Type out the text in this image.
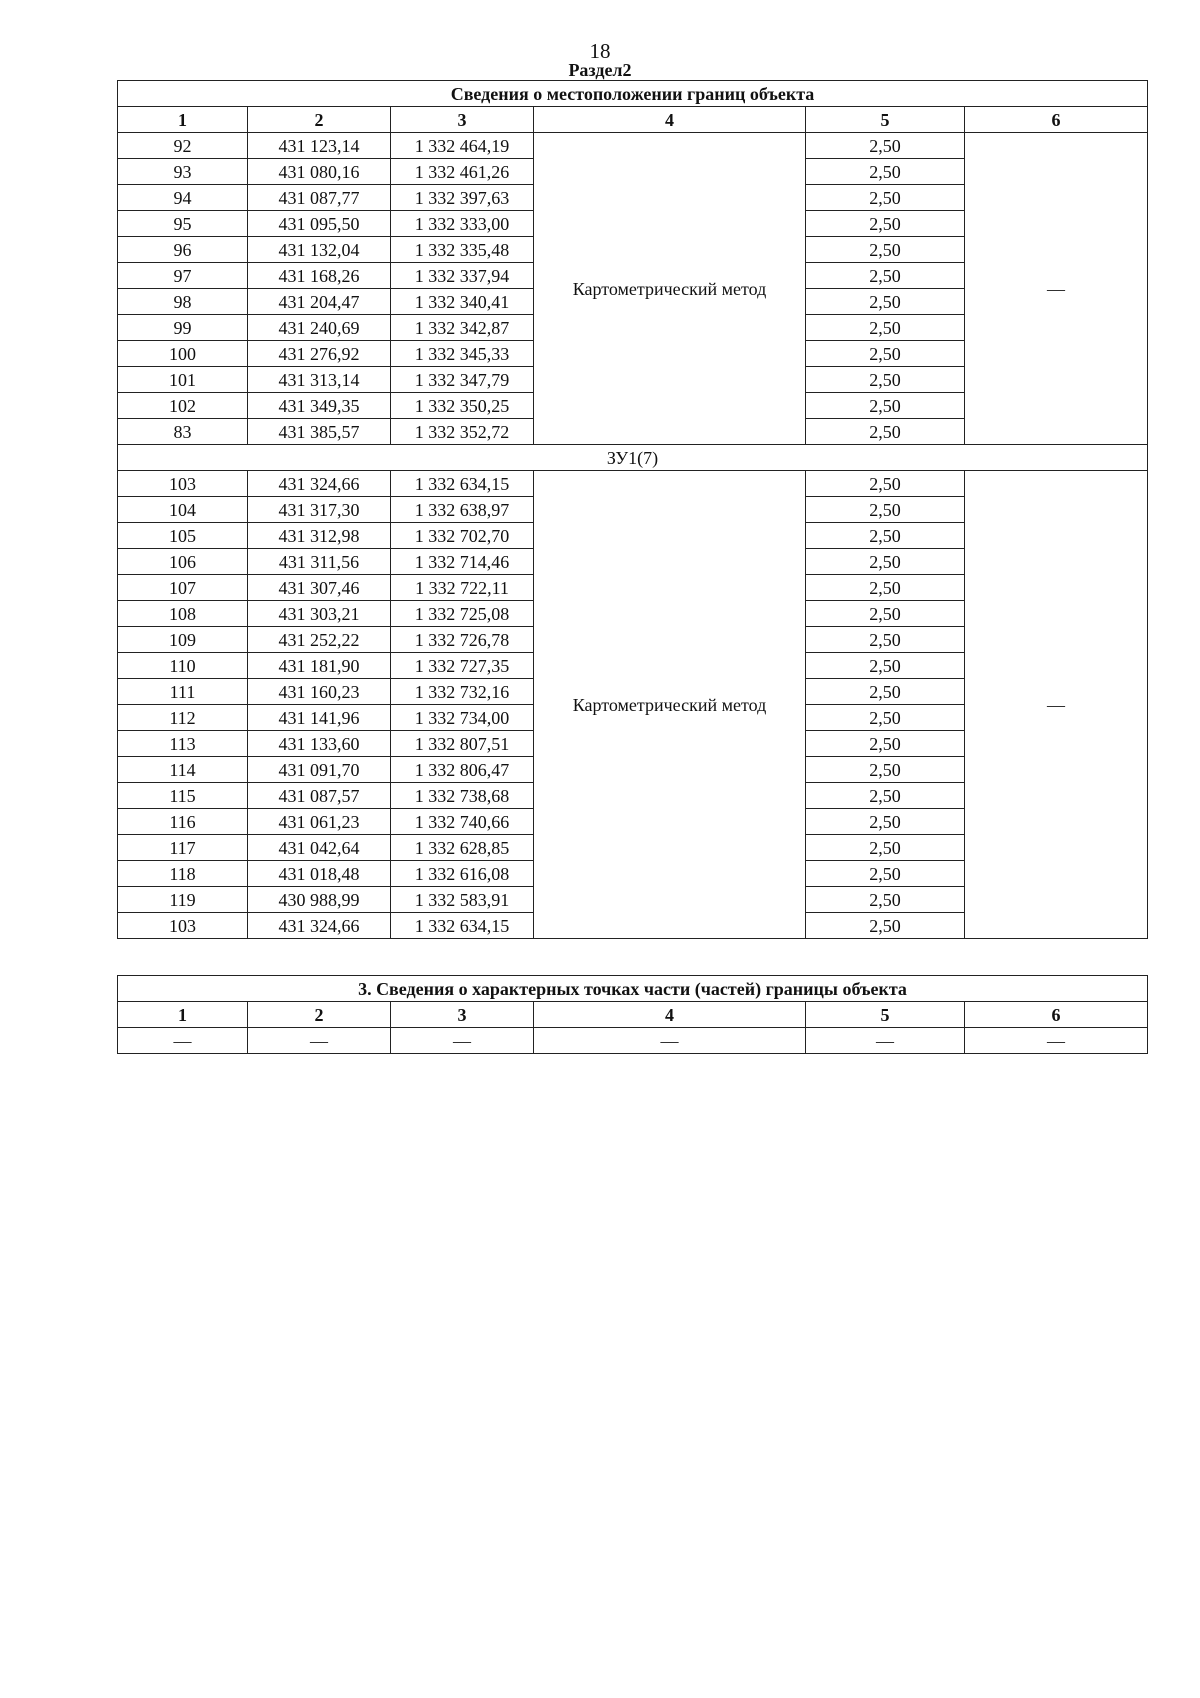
18
Раздел2
Сведения о местоположении границ объекта					
1	2	3	4	5	6
92	431 123,14	1 332 464,19	Картометрический метод	2,50	—
93	431 080,16	1 332 461,26		2,50	
94	431 087,77	1 332 397,63		2,50	
95	431 095,50	1 332 333,00		2,50	
96	431 132,04	1 332 335,48		2,50	
97	431 168,26	1 332 337,94		2,50	
98	431 204,47	1 332 340,41		2,50	
99	431 240,69	1 332 342,87		2,50	
100	431 276,92	1 332 345,33		2,50	
101	431 313,14	1 332 347,79		2,50	
102	431 349,35	1 332 350,25		2,50	
83	431 385,57	1 332 352,72		2,50	
ЗУ1(7)					
103	431 324,66	1 332 634,15	Картометрический метод	2,50	—
104	431 317,30	1 332 638,97		2,50	
105	431 312,98	1 332 702,70		2,50	
106	431 311,56	1 332 714,46		2,50	
107	431 307,46	1 332 722,11		2,50	
108	431 303,21	1 332 725,08		2,50	
109	431 252,22	1 332 726,78		2,50	
110	431 181,90	1 332 727,35		2,50	
111	431 160,23	1 332 732,16		2,50	
112	431 141,96	1 332 734,00		2,50	
113	431 133,60	1 332 807,51		2,50	
114	431 091,70	1 332 806,47		2,50	
115	431 087,57	1 332 738,68		2,50	
116	431 061,23	1 332 740,66		2,50	
117	431 042,64	1 332 628,85		2,50	
118	431 018,48	1 332 616,08		2,50	
119	430 988,99	1 332 583,91		2,50	
103	431 324,66	1 332 634,15		2,50	
3. Сведения о характерных точках части (частей) границы объекта					
1	2	3	4	5	6
—	—	—	—	—	—
